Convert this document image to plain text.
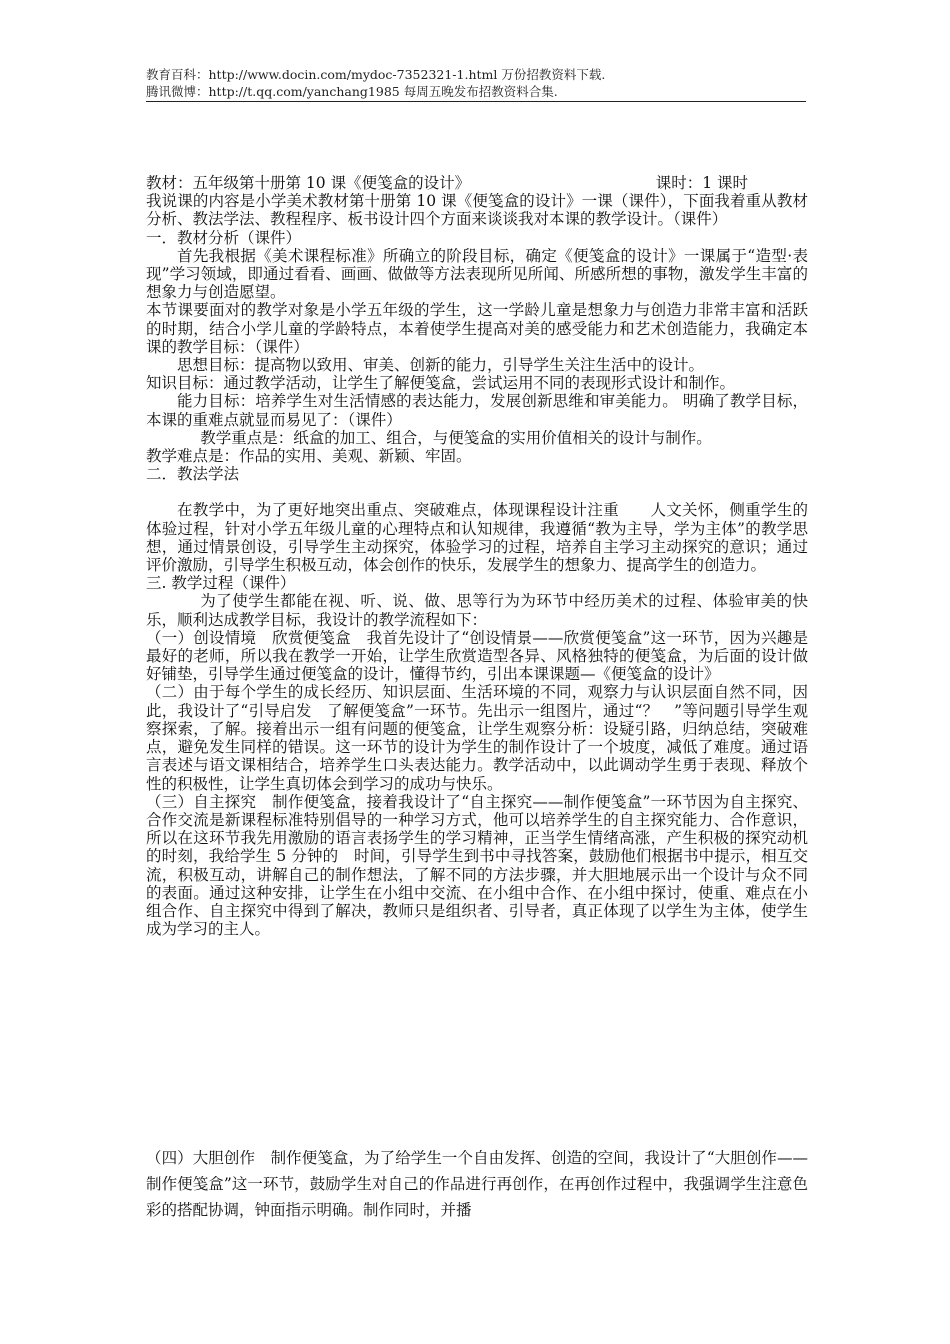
教育百科：http://www.docin.com/mydoc-7352321-1.html 万份招教资料下载.
腾讯微博：http://t.qq.com/yanchang1985 每周五晚发布招教资料合集.
教材：五年级第十册第 10 课《便笺盒的设计》	课时：1 课时

我说课的内容是小学美术教材第十册第 10 课《便笺盒的设计》一课（课件），下面我着重从教材分析、教法学法、教程程序、板书设计四个方面来谈谈我对本课的教学设计。（课件）

一．教材分析（课件）

首先我根据《美术课程标准》所确立的阶段目标，确定《便笺盒的设计》一课属于“造型·表现”学习领域，即通过看看、画画、做做等方法表现所见所闻、所感所想的事物，激发学生丰富的想象力与创造愿望。

本节课要面对的教学对象是小学五年级的学生，这一学龄儿童是想象力与创造力非常丰富和活跃的时期，结合小学儿童的学龄特点，本着使学生提高对美的感受能力和艺术创造能力，我确定本课的教学目标：（课件）

思想目标：提高物以致用、审美、创新的能力，引导学生关注生活中的设计。

知识目标：通过教学活动，让学生了解便笺盒，尝试运用不同的表现形式设计和制作。

能力目标：培养学生对生活情感的表达能力，发展创新思维和审美能力。 明确了教学目标，本课的重难点就显而易见了：（课件）

教学重点是：纸盒的加工、组合，与便笺盒的实用价值相关的设计与制作。

教学难点是：作品的实用、美观、新颖、牢固。

二．教法学法

在教学中，为了更好地突出重点、突破难点，体现课程设计注重　　人文关怀，侧重学生的体验过程，针对小学五年级儿童的心理特点和认知规律，我遵循“教为主导，学为主体”的教学思想，通过情景创设，引导学生主动探究，体验学习的过程，培养自主学习主动探究的意识；通过评价激励，引导学生积极互动，体会创作的快乐，发展学生的想象力、提高学生的创造力。

三. 教学过程（课件）

为了使学生都能在视、听、说、做、思等行为为环节中经历美术的过程、体验审美的快乐，顺利达成教学目标，我设计的教学流程如下：

（一）创设情境　欣赏便笺盒　我首先设计了“创设情景——欣赏便笺盒”这一环节，因为兴趣是最好的老师，所以我在教学一开始，让学生欣赏造型各异、风格独特的便笺盒，为后面的设计做好铺垫，引导学生通过便笺盒的设计，懂得节约，引出本课课题—《便笺盒的设计》

（二）由于每个学生的成长经历、知识层面、生活环境的不同，观察力与认识层面自然不同，因此，我设计了“引导启发　了解便笺盒”一环节。先出示一组图片，通过“？　”等问题引导学生观察探索，了解。接着出示一组有问题的便笺盒，让学生观察分析：设疑引路，归纳总结，突破难点，避免发生同样的错误。这一环节的设计为学生的制作设计了一个坡度，减低了难度。通过语言表述与语文课相结合，培养学生口头表达能力。教学活动中，以此调动学生勇于表现、释放个性的积极性，让学生真切体会到学习的成功与快乐。

（三）自主探究　制作便笺盒，接着我设计了“自主探究——制作便笺盒”一环节因为自主探究、合作交流是新课程标准特别倡导的一种学习方式，他可以培养学生的自主探究能力、合作意识，所以在这环节我先用激励的语言表扬学生的学习精神，正当学生情绪高涨，产生积极的探究动机的时刻，我给学生 5 分钟的　时间，引导学生到书中寻找答案，鼓励他们根据书中提示，相互交流，积极互动，讲解自己的制作想法，了解不同的方法步骤，并大胆地展示出一个设计与众不同的表面。通过这种安排，让学生在小组中交流、在小组中合作、在小组中探讨，使重、难点在小组合作、自主探究中得到了解决，教师只是组织者、引导者，真正体现了以学生为主体，使学生成为学习的主人。

（四）大胆创作　制作便笺盒，为了给学生一个自由发挥、创造的空间，我设计了“大胆创作——制作便笺盒”这一环节，鼓励学生对自己的作品进行再创作，在再创作过程中，我强调学生注意色彩的搭配协调，钟面指示明确。制作同时，并播
